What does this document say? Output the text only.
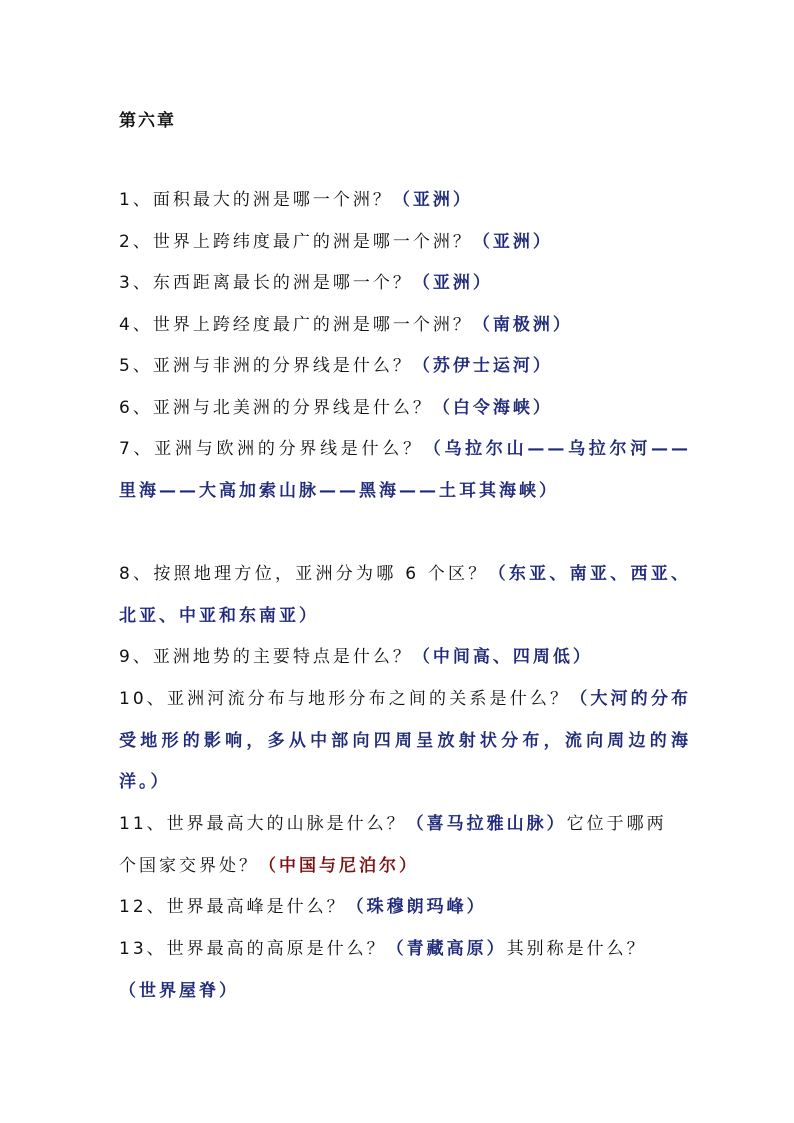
第六章

1、面积最大的洲是哪一个洲？（亚洲）

2、世界上跨纬度最广的洲是哪一个洲？（亚洲）

3、东西距离最长的洲是哪一个？（亚洲）

4、世界上跨经度最广的洲是哪一个洲？（南极洲）

5、亚洲与非洲的分界线是什么？（苏伊士运河）

6、亚洲与北美洲的分界线是什么？（白令海峡）

7、亚洲与欧洲的分界线是什么？（乌拉尔山——乌拉尔河——里海——大高加索山脉——黑海——土耳其海峡）

8、按照地理方位，亚洲分为哪 6 个区？（东亚、南亚、西亚、北亚、中亚和东南亚）

9、亚洲地势的主要特点是什么？（中间高、四周低）

10、亚洲河流分布与地形分布之间的关系是什么？（大河的分布受地形的影响，多从中部向四周呈放射状分布，流向周边的海洋。）

11、世界最高大的山脉是什么？（喜马拉雅山脉）它位于哪两个国家交界处？（中国与尼泊尔）

12、世界最高峰是什么？（珠穆朗玛峰）

13、世界最高的高原是什么？（青藏高原）其别称是什么？（世界屋脊）
